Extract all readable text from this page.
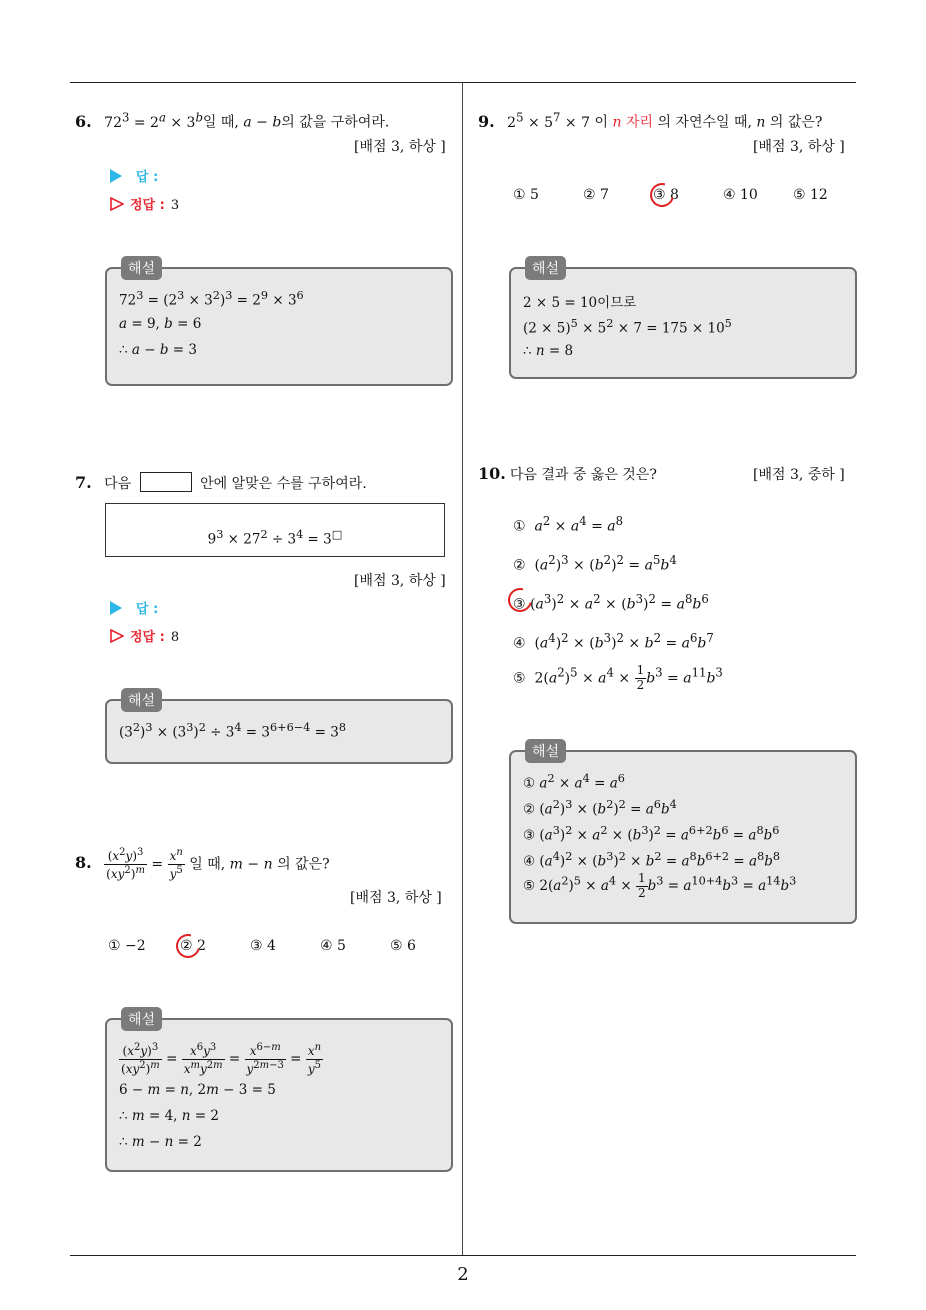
2
6. $72^3 = 2^a \times 3^b$일 때, a − b의 값을 구하여라.
[배점 3, 하상 ]
답 :
정답 : 3
해설
$72^3 = (2^3 \times 3^2)^3 = 2^9 \times 3^6$
a = 9, b = 6
∴ a − b = 3
7. 다음	안에 알맞은 수를 구하여라.
$9^3 \times 27^2 \div 3^4 = 3^□$
[배점 3, 하상 ]
답 :
정답 : 8
해설
$(3^2)^3 \times (3^3)^2 \div 3^4 = 3^{6+6-4} = 3^8$
8. $\frac{(x^2y)^3}{(xy^2)^m} = \frac{x^n}{y^5}$ 일 때, m − n 의 값은?
[배점 3, 하상 ]
① −2 ② 2	③ 4	④ 5	⑤ 6
해설
$\frac{(x^2y)^3}{(xy^2)^m} = \frac{x^6y^3}{x^my^{2m}} = \frac{x^{6-m}}{y^{2m-3}} = \frac{x^n}{y^5}$
6 − m = n, 2m − 3 = 5
∴ m = 4, n = 2
∴ m − n = 2
9. $2^5 \times 5^7 \times 7$ 이 n 자리 의 자연수일 때, n 의 값은?
[배점 3, 하상 ]
① 5	② 7	③ 8	④ 10	⑤ 12
해설
2 × 5 = 10이므로
$(2 \times 5)^5 \times 5^2 \times 7 = 175 \times 10^5$
∴ n = 8
10. 다음 결과 중 옳은 것은?	[배점 3, 중하 ]
①  $a^2 \times a^4 = a^8$
②  $(a^2)^3 \times (b^2)^2 = a^5b^4$
③ $(a^3)^2 \times a^2 \times (b^3)^2 = a^8b^6$
④  $(a^4)^2 \times (b^3)^2 \times b^2 = a^6b^7$
⑤  $2(a^2)^5 \times a^4 \times \frac{1}{2} b^3 = a^{11}b^3$
해설
① $a^2 \times a^4 = a^6$
② $(a^2)^3 \times (b^2)^2 = a^6b^4$
③ $(a^3)^2 \times a^2 \times (b^3)^2 = a^{6+2}b^6 = a^8b^6$
④ $(a^4)^2 \times (b^3)^2 \times b^2 = a^8b^{6+2} = a^8b^8$
⑤ $2(a^2)^5 \times a^4 \times \frac{1}{2} b^3 = a^{10+4}b^3 = a^{14}b^3$
